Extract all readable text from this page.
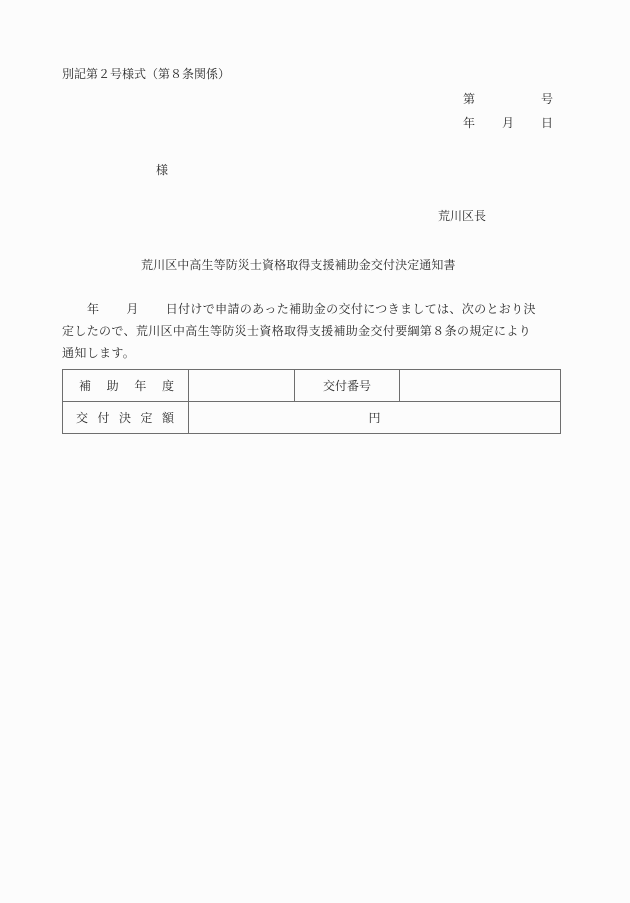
別記第２号様式（第８条関係）
第	号
年 月 日
様
荒川区長
荒川区中高生等防災士資格取得支援補助金交付決定通知書
年 月 日付けで申請のあった補助金の交付につきましては、次のとおり決
定したので、荒川区中高生等防災士資格取得支援補助金交付要綱第８条の規定により
通知します。
補 助 年 度		交付番号	

交 付 決 定 額	円		
